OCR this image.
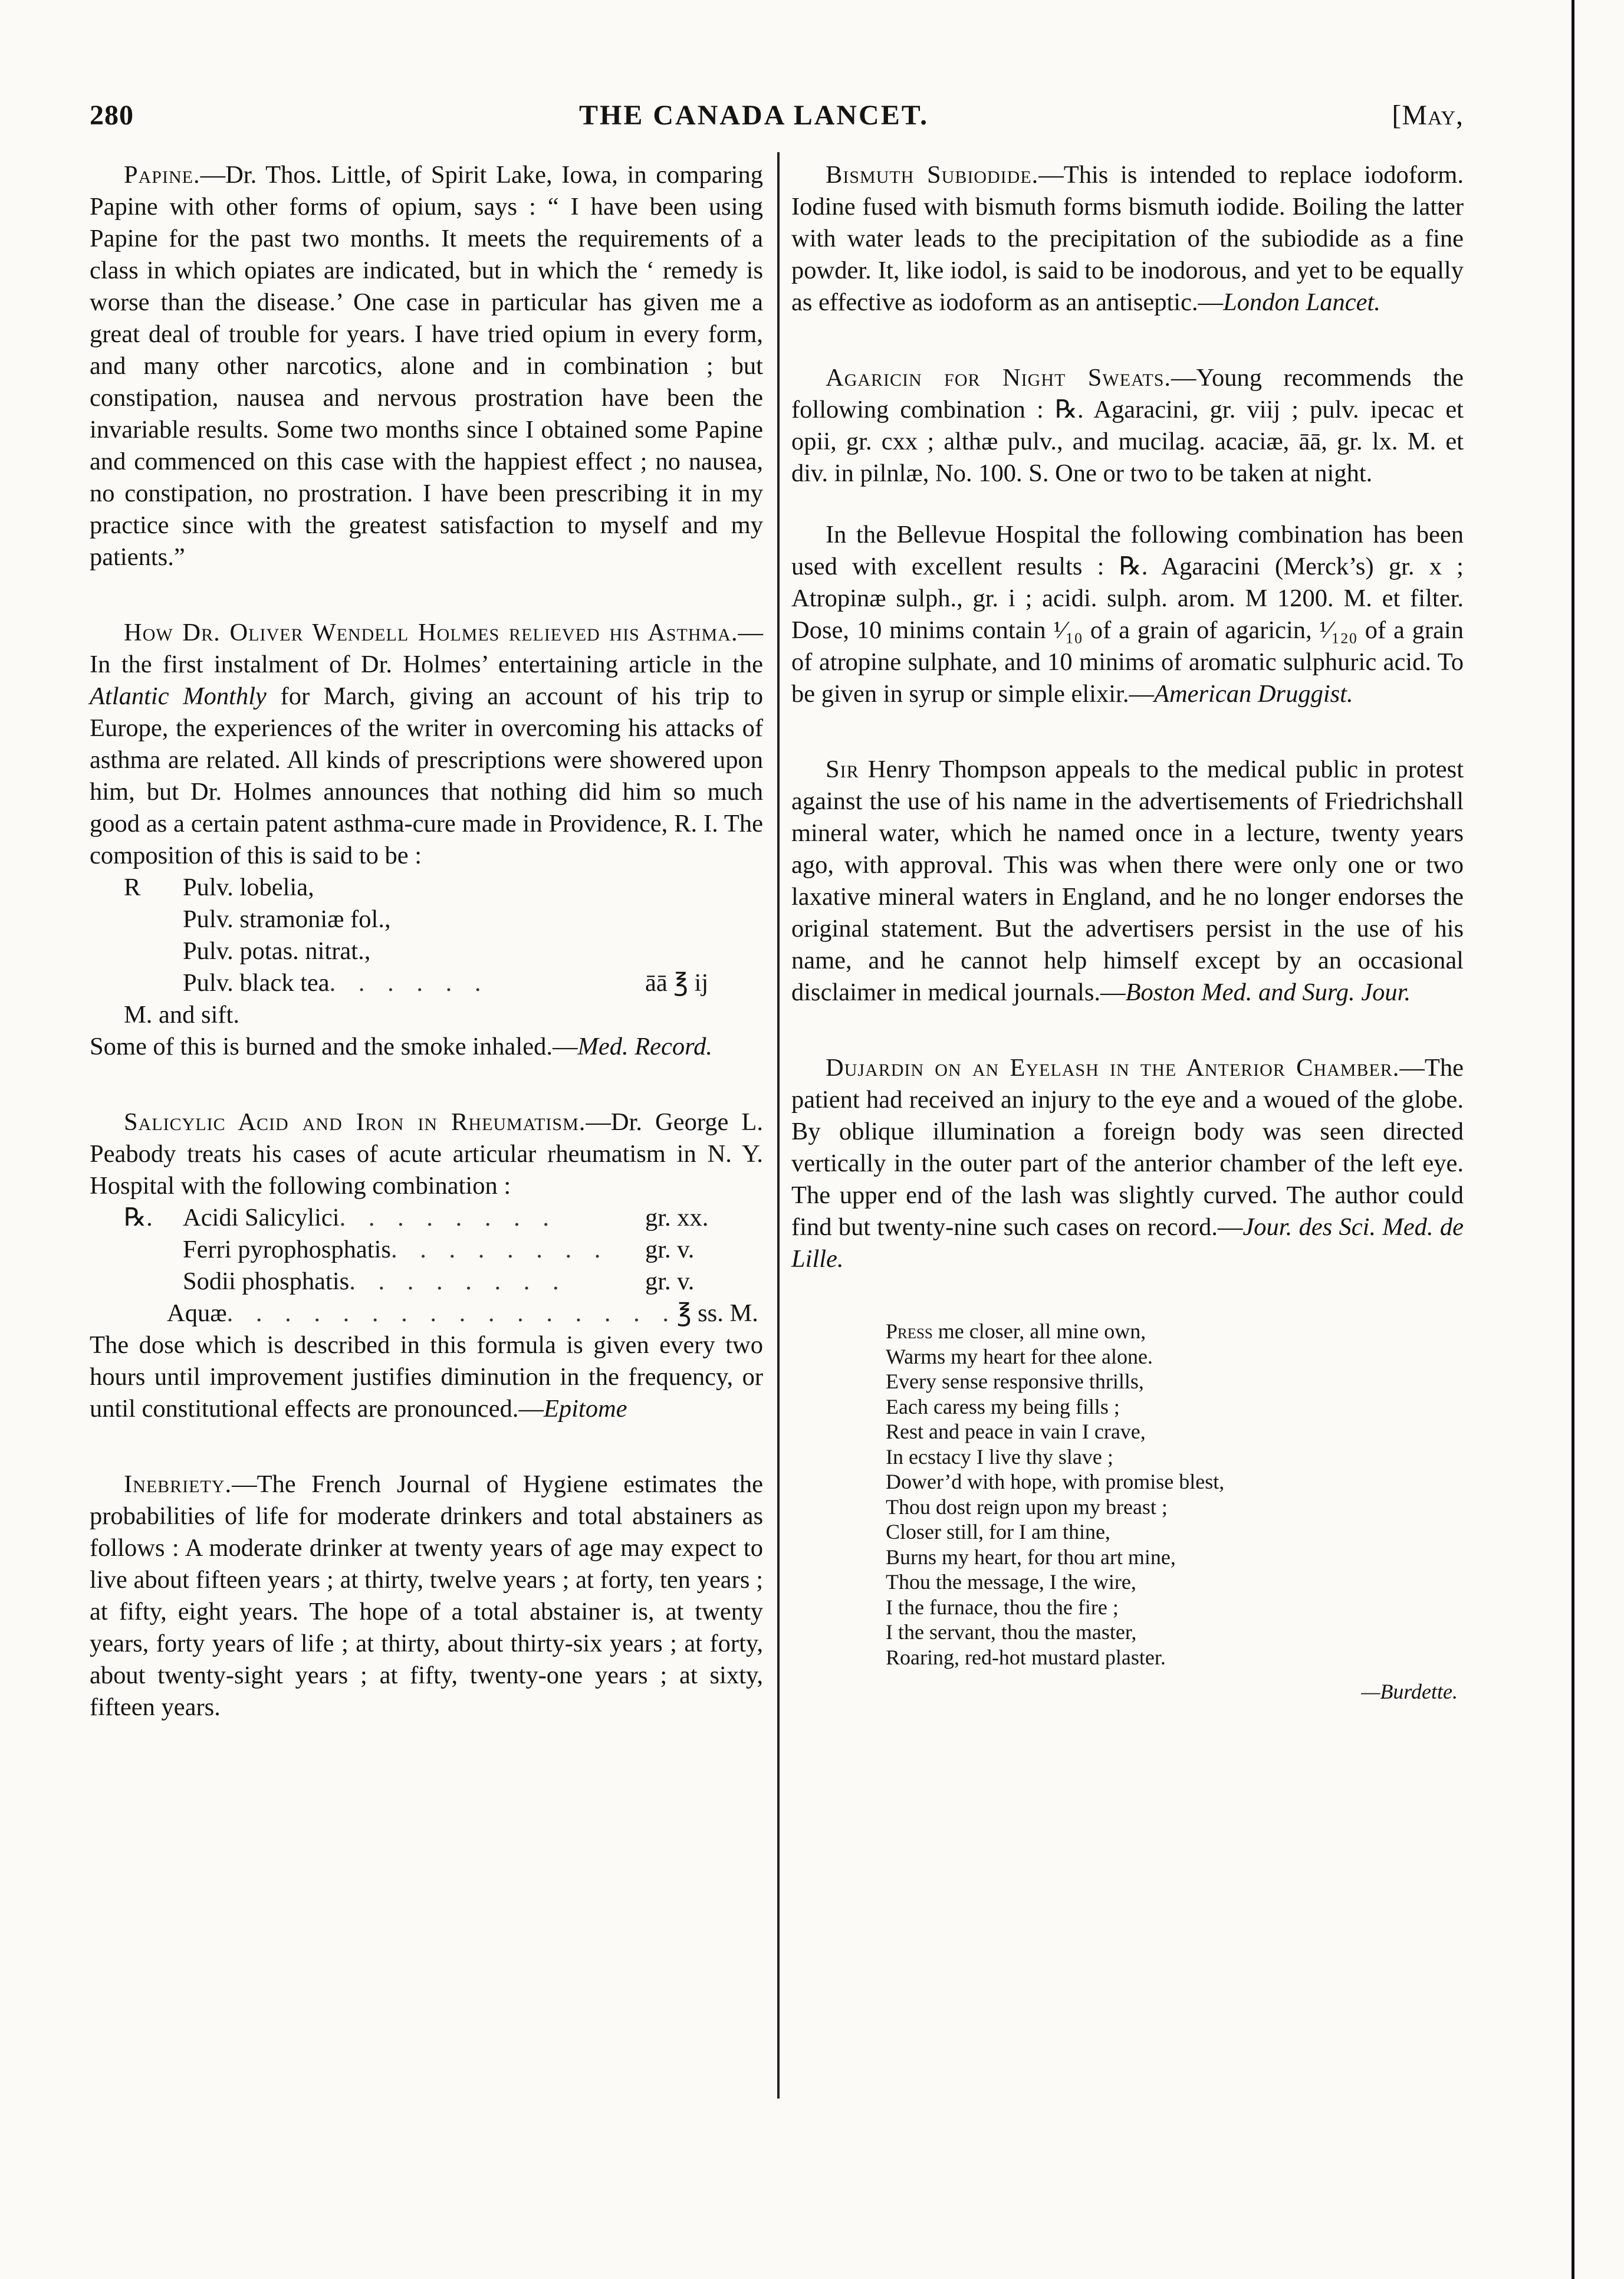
280	THE CANADA LANCET.	[May,

Papine.—Dr. Thos. Little, of Spirit Lake, Iowa, in comparing Papine with other forms of opium, says : “ I have been using Papine for the past two months. It meets the requirements of a class in which opiates are indicated, but in which the ‘ remedy is worse than the disease.’ One case in particular has given me a great deal of trouble for years. I have tried opium in every form, and many other narcotics, alone and in combination ; but constipation, nausea and nervous prostration have been the invariable results. Some two months since I obtained some Papine and commenced on this case with the happiest effect ; no nausea, no constipation, no prostration. I have been prescribing it in my practice since with the greatest satisfaction to myself and my patients.”

How Dr. Oliver Wendell Holmes relieved his Asthma.—In the first instalment of Dr. Holmes’ entertaining article in the Atlantic Monthly for March, giving an account of his trip to Europe, the experiences of the writer in overcoming his attacks of asthma are related. All kinds of prescriptions were showered upon him, but Dr. Holmes announces that nothing did him so much good as a certain patent asthma-cure made in Providence, R. I. The composition of this is said to be :

R	Pulv. lobelia,
Pulv. stramoniæ fol.,
Pulv. potas. nitrat.,
Pulv. black tea . . . . . .	āā ℥ ij

M. and sift.

Some of this is burned and the smoke inhaled.—Med. Record.

Salicylic Acid and Iron in Rheumatism.—Dr. George L. Peabody treats his cases of acute articular rheumatism in N. Y. Hospital with the following combination :

℞.	Acidi Salicylici . . . . . . . .	gr. xx.
Ferri pyrophosphatis . . . . . . . .	gr. v.
Sodii phosphatis . . . . . . . .	gr. v.
Aquæ . . . . . . . . . . . . . . . . ℥ ss. M.

The dose which is described in this formula is given every two hours until improvement justifies diminution in the frequency, or until constitutional effects are pronounced.—Epitome

Inebriety.—The French Journal of Hygiene estimates the probabilities of life for moderate drinkers and total abstainers as follows : A moderate drinker at twenty years of age may expect to live about fifteen years ; at thirty, twelve years ; at forty, ten years ; at fifty, eight years. The hope of a total abstainer is, at twenty years, forty years of life ; at thirty, about thirty-six years ; at forty, about twenty-sight years ; at fifty, twenty-one years ; at sixty, fifteen years.

Bismuth Subiodide.—This is intended to replace iodoform. Iodine fused with bismuth forms bismuth iodide. Boiling the latter with water leads to the precipitation of the subiodide as a fine powder. It, like iodol, is said to be inodorous, and yet to be equally as effective as iodoform as an antiseptic.—London Lancet.

Agaricin for Night Sweats.—Young recommends the following combination : ℞. Agaracini, gr. viij ; pulv. ipecac et opii, gr. cxx ; althæ pulv., and mucilag. acaciæ, āā, gr. lx. M. et div. in pilnlæ, No. 100. S. One or two to be taken at night.

In the Bellevue Hospital the following combination has been used with excellent results : ℞. Agaracini (Merck’s) gr. x ; Atropinæ sulph., gr. i ; acidi. sulph. arom. M 1200. M. et filter. Dose, 10 minims contain ¹⁄₁₀ of a grain of agaricin, ¹⁄₁₂₀ of a grain of atropine sulphate, and 10 minims of aromatic sulphuric acid. To be given in syrup or simple elixir.—American Druggist.

Sir Henry Thompson appeals to the medical public in protest against the use of his name in the advertisements of Friedrichshall mineral water, which he named once in a lecture, twenty years ago, with approval. This was when there were only one or two laxative mineral waters in England, and he no longer endorses the original statement. But the advertisers persist in the use of his name, and he cannot help himself except by an occasional disclaimer in medical journals.—Boston Med. and Surg. Jour.

Dujardin on an Eyelash in the Anterior Chamber.—The patient had received an injury to the eye and a woued of the globe. By oblique illumination a foreign body was seen directed vertically in the outer part of the anterior chamber of the left eye. The upper end of the lash was slightly curved. The author could find but twenty-nine such cases on record.—Jour. des Sci. Med. de Lille.

Press me closer, all mine own,
Warms my heart for thee alone.
Every sense responsive thrills,
Each caress my being fills ;
Rest and peace in vain I crave,
In ecstacy I live thy slave ;
Dower’d with hope, with promise blest,
Thou dost reign upon my breast ;
Closer still, for I am thine,
Burns my heart, for thou art mine,
Thou the message, I the wire,
I the furnace, thou the fire ;
I the servant, thou the master,
Roaring, red-hot mustard plaster.
—Burdette.
